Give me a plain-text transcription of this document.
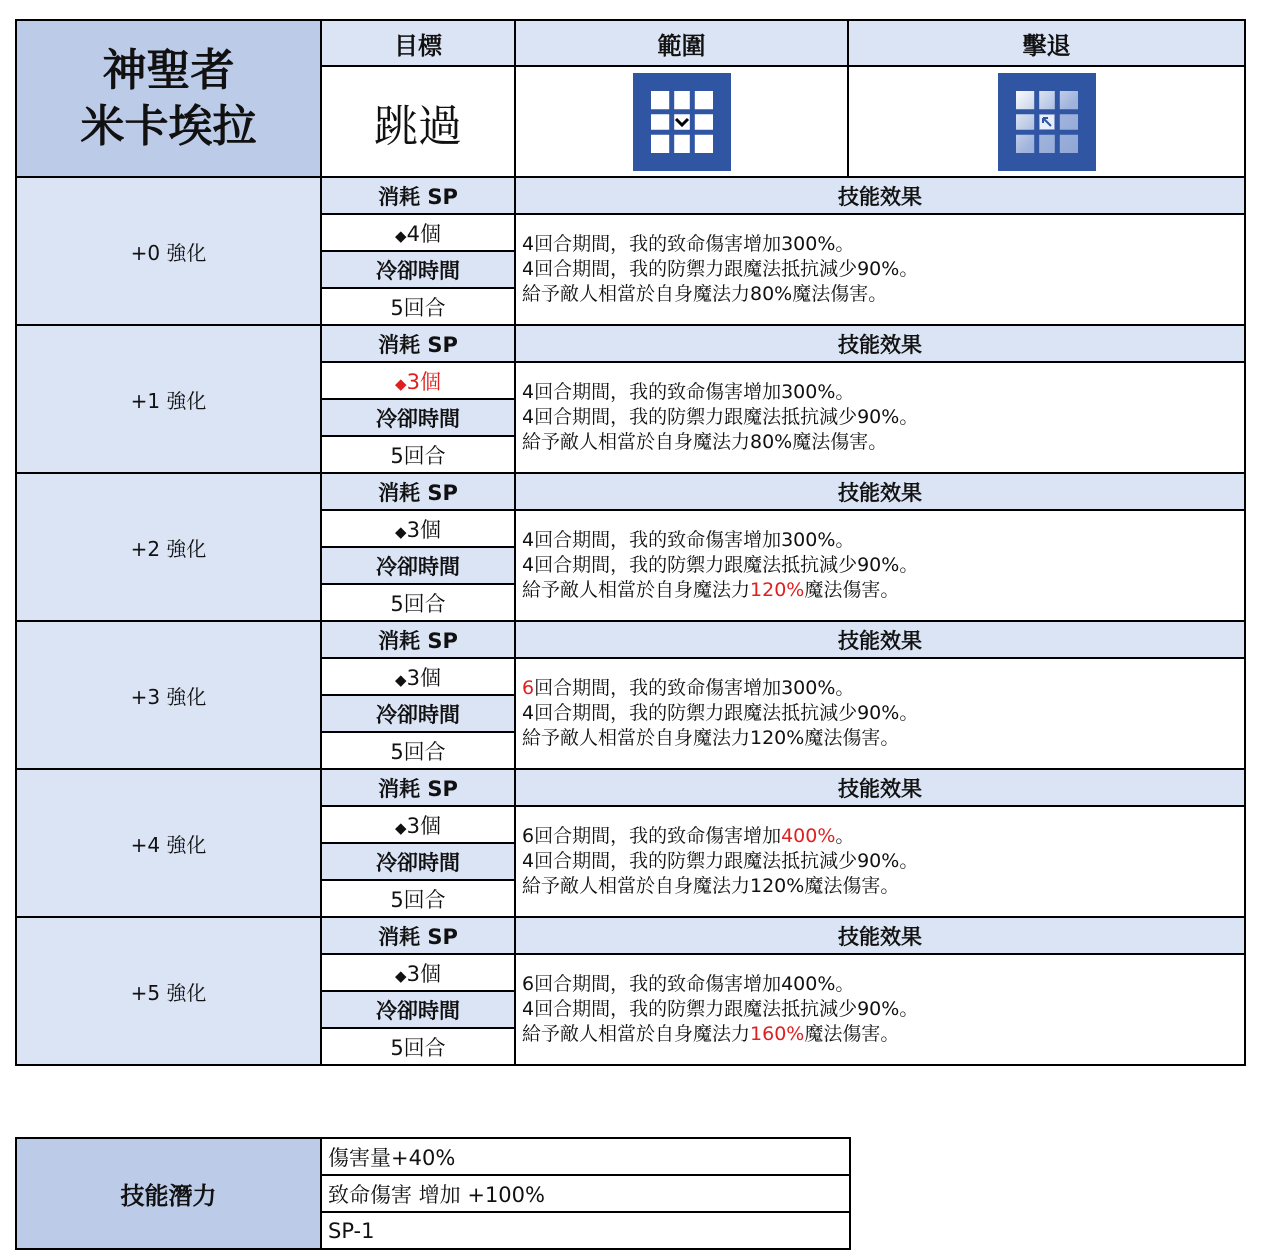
神聖者
米卡埃拉	目標	範圍	擊退
	跳過		
+0 強化	消耗 SP	技能效果	
	◆4個	4回合期間，我的致命傷害增加300%。
4回合期間，我的防禦力跟魔法抵抗減少90%。
給予敵人相當於自身魔法力80%魔法傷害。	

	冷卻時間		
	5回合		
+1 強化	消耗 SP	技能效果	
	◆3個	4回合期間，我的致命傷害增加300%。
4回合期間，我的防禦力跟魔法抵抗減少90%。
給予敵人相當於自身魔法力80%魔法傷害。	

	冷卻時間		
	5回合		
+2 強化	消耗 SP	技能效果	
	◆3個	4回合期間，我的致命傷害增加300%。
4回合期間，我的防禦力跟魔法抵抗減少90%。
給予敵人相當於自身魔法力120%魔法傷害。	

	冷卻時間		
	5回合		
+3 強化	消耗 SP	技能效果	
	◆3個	6回合期間，我的致命傷害增加300%。
4回合期間，我的防禦力跟魔法抵抗減少90%。
給予敵人相當於自身魔法力120%魔法傷害。	

	冷卻時間		
	5回合		
+4 強化	消耗 SP	技能效果	
	◆3個	6回合期間，我的致命傷害增加400%。
4回合期間，我的防禦力跟魔法抵抗減少90%。
給予敵人相當於自身魔法力120%魔法傷害。	

	冷卻時間		
	5回合		
+5 強化	消耗 SP	技能效果	
	◆3個	6回合期間，我的致命傷害增加400%。
4回合期間，我的防禦力跟魔法抵抗減少90%。
給予敵人相當於自身魔法力160%魔法傷害。	

	冷卻時間		
	5回合		
技能潛力	傷害量+40%
致命傷害 增加 +100%
SP-1
